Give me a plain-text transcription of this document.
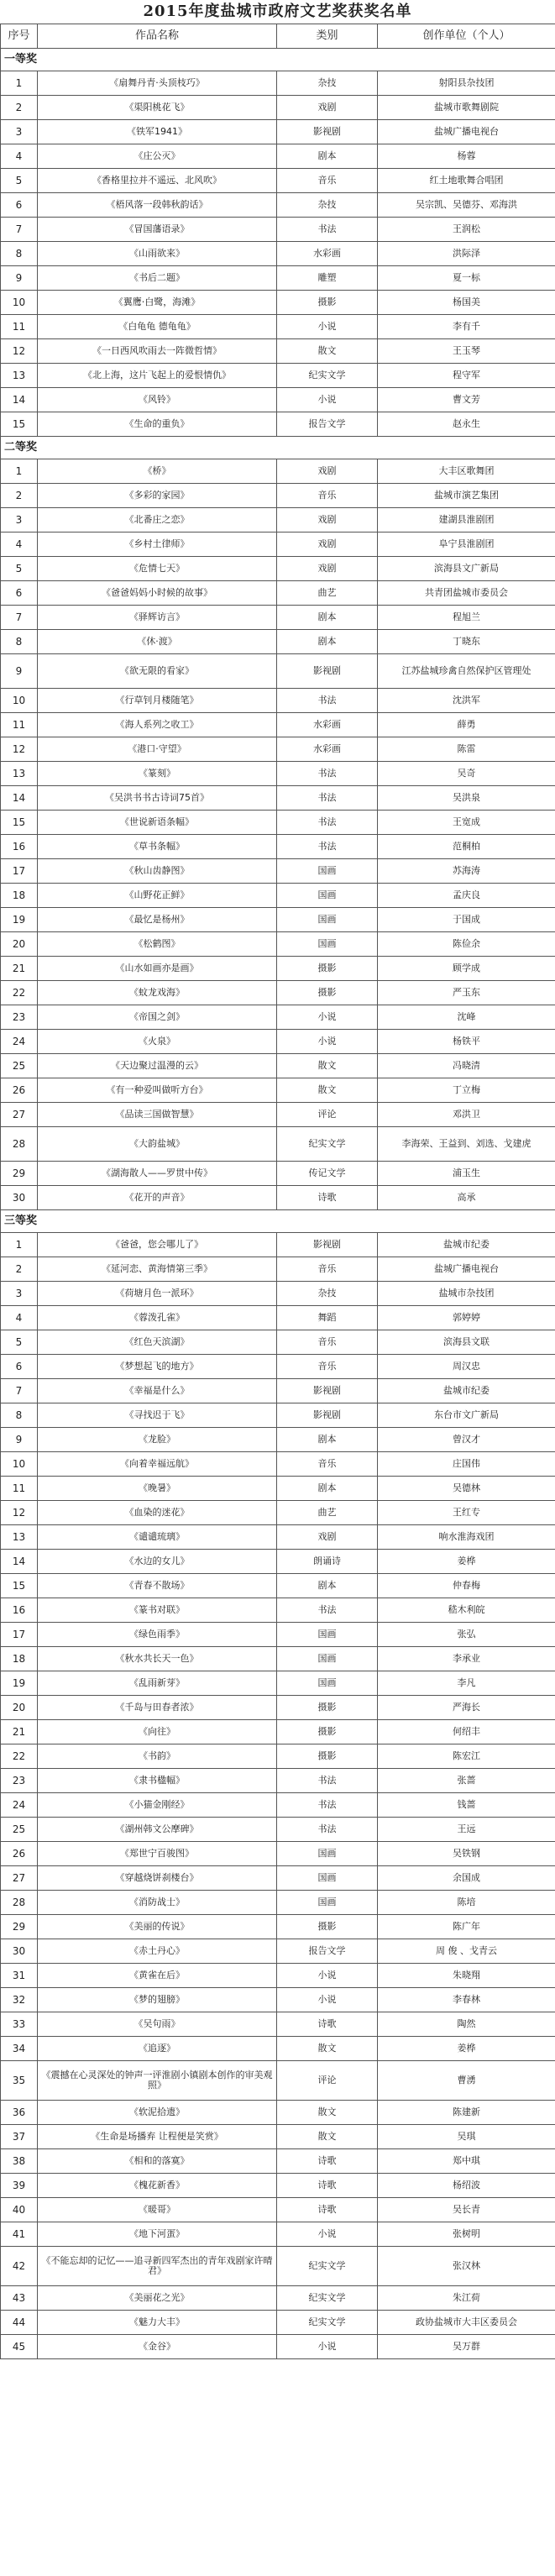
2015年度盐城市政府文艺奖获奖名单
序号	作品名称	类别	创作单位（个人）
一等奖			
1	《扇舞丹青·头顶枝巧》	杂技	射阳县杂技团
2	《渠阳桃花飞》	戏剧	盐城市歌舞剧院
3	《铁军1941》	影视剧	盐城广播电视台
4	《庄公灭》	剧本	杨蓉
5	《香格里拉并不遥远、北风吹》	音乐	红土地歌舞合唱团
6	《梧风落一段韩秋韵话》	杂技	吴宗凯、吴德芬、邓海洪
7	《冒国藩语录》	书法	王润松
8	《山雨欲来》	水彩画	洪际泽
9	《书后二题》	雕塑	夏一标
10	《翼鹰·白鹭，海滩》	摄影	杨国美
11	《白龟龟 德龟龟》	小说	李有千
12	《一日西风吹雨去一阵微哲情》	散文	王玉琴
13	《北上海，这片飞起上的爱恨情仇》	纪实文学	程守军
14	《风铃》	小说	曹文芳
15	《生命的重负》	报告文学	赵永生
二等奖			
1	《桥》	戏剧	大丰区歌舞团
2	《多彩的家园》	音乐	盐城市演艺集团
3	《北番庄之恋》	戏剧	建湖县淮剧团
4	《乡村土律师》	戏剧	阜宁县淮剧团
5	《危情七天》	戏剧	滨海县文广新局
6	《爸爸妈妈小时候的故事》	曲艺	共青团盐城市委员会
7	《驿辉访言》	剧本	程旭兰
8	《休·渡》	剧本	丁晓东
9	《欲无限的看家》	影视剧	江苏盐城珍禽自然保护区管理处
10	《行草钊月楼随笔》	书法	沈洪军
11	《海人系列之收工》	水彩画	薛勇
12	《港口·守望》	水彩画	陈雷
13	《篆刻》	书法	吴奇
14	《吴洪书书古诗词75首》	书法	吴洪泉
15	《世说新语条幅》	书法	王宽成
16	《草书条幅》	书法	范桐柏
17	《秋山齿静图》	国画	苏海涛
18	《山野花正鲜》	国画	孟庆良
19	《最忆是杨州》	国画	于国成
20	《松鹤图》	国画	陈俭余
21	《山水如画亦是画》	摄影	顾学成
22	《蚊龙戏海》	摄影	严玉东
23	《帝国之剑》	小说	沈峰
24	《火泉》	小说	杨铁平
25	《天边聚过温漫的云》	散文	冯晓清
26	《有一种爱叫做听方台》	散文	丁立梅
27	《品读三国做智慧》	评论	邓洪卫
28	《大韵盐城》	纪实文学	李海荣、王益到、刘选、戈建虎
29	《湖海散人——罗贯中传》	传记文学	浦玉生
30	《花开的声音》	诗歌	高承
三等奖			
1	《爸爸，您会哪儿了》	影视剧	盐城市纪委
2	《延河恋、黄海情第三季》	音乐	盐城广播电视台
3	《荷塘月色一派环》	杂技	盐城市杂技团
4	《蓉泼孔雀》	舞蹈	郭婷婷
5	《红色天滨湖》	音乐	滨海县文联
6	《梦想起飞的地方》	音乐	周汉忠
7	《幸福是什么》	影视剧	盐城市纪委
8	《寻找迟于飞》	影视剧	东台市文广新局
9	《龙脸》	剧本	曾汉才
10	《向着幸福远航》	音乐	庄国伟
11	《晚暑》	剧本	吴德林
12	《血染的迷花》	曲艺	王红专
13	《谴谴琉璃》	戏剧	响水淮海戏团
14	《水边的女儿》	朗诵诗	姜桦
15	《青春不散场》	剧本	仲春梅
16	《篆书对联》	书法	嵇木利皖
17	《绿色雨季》	国画	张弘
18	《秋水共长天一色》	国画	李承业
19	《乱雨新芽》	国画	李凡
20	《千岛与田春者浓》	摄影	严海长
21	《向往》	摄影	何绍丰
22	《书韵》	摄影	陈宏江
23	《隶书楹幅》	书法	张蔷
24	《小猫金刚经》	书法	钱蔷
25	《湖州韩文公摩碑》	书法	王远
26	《郑世宁百骏图》	国画	吴铁钢
27	《穿越烧饼刹楼台》	国画	余国成
28	《消防战士》	国画	陈培
29	《美丽的传说》	摄影	陈广年
30	《赤土丹心》	报告文学	周 俊 、戈青云
31	《黄雀在后》	小说	朱晓翔
32	《梦的翅膀》	小说	李春林
33	《吴句雨》	诗歌	陶然
34	《追逐》	散文	姜桦
35	《震撼在心灵深处的钟声一评淮剧小镇剧本创作的审美观照》	评论	曹湧
36	《软泥拾遗》	散文	陈建新
37	《生命是场播弃 让程便是笑赏》	散文	吴琪
38	《相和的落寞》	诗歌	郑中琪
39	《槐花新香》	诗歌	杨绍波
40	《暖哥》	诗歌	吴长青
41	《地下河蛋》	小说	张树明
42	《不能忘却的记忆——追寻新四军杰出的青年戏剧家许晴君》	纪实文学	张汉林
43	《美丽花之光》	纪实文学	朱江荷
44	《魅力大丰》	纪实文学	政协盐城市大丰区委员会
45	《金谷》	小说	吴万群
